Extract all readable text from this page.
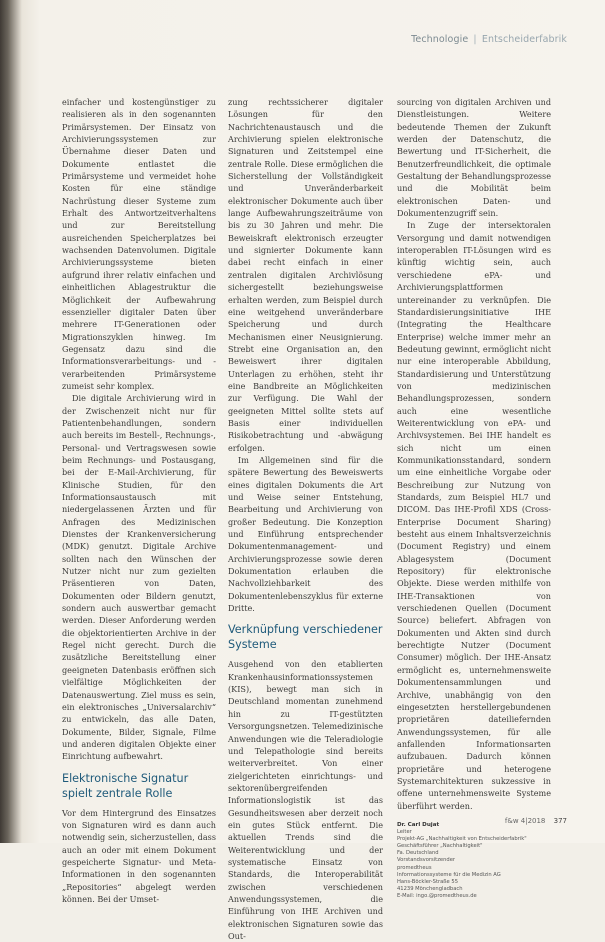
Technologie | Entscheiderfabrik

einfacher und kostengünstiger zu realisieren als in den sogenannten Primärsystemen. Der Einsatz von Archivierungssystemen zur Übernahme dieser Daten und Dokumente entlastet die Primärsysteme und vermeidet hohe Kosten für eine ständige Nachrüstung dieser Systeme zum Erhalt des Antwortzeitverhaltens und zur Bereitstellung ausreichenden Speicherplatzes bei wachsenden Datenvolumen. Digitale Archivierungssysteme bieten aufgrund ihrer relativ einfachen und einheitlichen Ablagestruktur die Möglichkeit der Aufbewahrung essenzieller digitaler Daten über mehrere IT-Generationen oder Migrationszyklen hinweg. Im Gegensatz dazu sind die Informationsverarbeitungs- und -verarbeitenden Primärsysteme zumeist sehr komplex.

Die digitale Archivierung wird in der Zwischenzeit nicht nur für Patientenbehandlungen, sondern auch bereits im Bestell-, Rechnungs-, Personal- und Vertragswesen sowie beim Rechnungs- und Postausgang, bei der E-Mail-Archivierung, für Klinische Studien, für den Informationsaustausch mit niedergelassenen Ärzten und für Anfragen des Medizinischen Dienstes der Krankenversicherung (MDK) genutzt. Digitale Archive sollten nach den Wünschen der Nutzer nicht nur zum gezielten Präsentieren von Daten, Dokumenten oder Bildern genutzt, sondern auch auswertbar gemacht werden. Dieser Anforderung werden die objektorientierten Archive in der Regel nicht gerecht. Durch die zusätzliche Bereitstellung einer geeigneten Datenbasis eröffnen sich vielfältige Möglichkeiten der Datenauswertung. Ziel muss es sein, ein elektronisches „Universalarchiv“ zu entwickeln, das alle Daten, Dokumente, Bilder, Signale, Filme und anderen digitalen Objekte einer Einrichtung aufbewahrt.

Elektronische Signatur spielt zentrale Rolle

Vor dem Hintergrund des Einsatzes von Signaturen wird es dann auch notwendig sein, sicherzustellen, dass auch an oder mit einem Dokument gespeicherte Signatur- und Meta-Informationen in den sogenannten „Repositories“ abgelegt werden können. Bei der Umset-

zung rechtssicherer digitaler Lösungen für den Nachrichtenaustausch und die Archivierung spielen elektronische Signaturen und Zeitstempel eine zentrale Rolle. Diese ermöglichen die Sicherstellung der Vollständigkeit und Unveränderbarkeit elektronischer Dokumente auch über lange Aufbewahrungszeiträume von bis zu 30 Jahren und mehr. Die Beweiskraft elektronisch erzeugter und signierter Dokumente kann dabei recht einfach in einer zentralen digitalen Archivlösung sichergestellt beziehungsweise erhalten werden, zum Beispiel durch eine weitgehend unveränderbare Speicherung und durch Mechanismen einer Neusignierung. Strebt eine Organisation an, den Beweiswert ihrer digitalen Unterlagen zu erhöhen, steht ihr eine Bandbreite an Möglichkeiten zur Verfügung. Die Wahl der geeigneten Mittel sollte stets auf Basis einer individuellen Risikobetrachtung und -abwägung erfolgen.

Im Allgemeinen sind für die spätere Bewertung des Beweiswerts eines digitalen Dokuments die Art und Weise seiner Entstehung, Bearbeitung und Archivierung von großer Bedeutung. Die Konzeption und Einführung entsprechender Dokumentenmanagement- und Archivierungsprozesse sowie deren Dokumentation erlauben die Nachvollziehbarkeit des Dokumentenlebenszyklus für externe Dritte.

Verknüpfung verschiedener Systeme

Ausgehend von den etablierten Krankenhausinformationssystemen (KIS), bewegt man sich in Deutschland momentan zunehmend hin zu IT-gestützten Versorgungsnetzen. Telemedizinische Anwendungen wie die Teleradiologie und Telepathologie sind bereits weiterverbreitet. Von einer zielgerichteten einrichtungs- und sektorenübergreifenden Informationslogistik ist das Gesundheitswesen aber derzeit noch ein gutes Stück entfernt. Die aktuellen Trends sind die Weiterentwicklung und der systematische Einsatz von Standards, die Interoperabilität zwischen verschiedenen Anwendungssystemen, die Einführung von IHE Archiven und elektronischen Signaturen sowie das Out-

sourcing von digitalen Archiven und Dienstleistungen. Weitere bedeutende Themen der Zukunft werden der Datenschutz, die Bewertung und IT-Sicherheit, die Benutzerfreundlichkeit, die optimale Gestaltung der Behandlungsprozesse und die Mobilität beim elektronischen Daten- und Dokumentenzugriff sein.

In Zuge der intersektoralen Versorgung und damit notwendigen interoperablen IT-Lösungen wird es künftig wichtig sein, auch verschiedene ePA- und Archivierungsplattformen untereinander zu verknüpfen. Die Standardisierungsinitiative IHE (Integrating the Healthcare Enterprise) welche immer mehr an Bedeutung gewinnt, ermöglicht nicht nur eine interoperable Abbildung, Standardisierung und Unterstützung von medizinischen Behandlungsprozessen, sondern auch eine wesentliche Weiterentwicklung von ePA- und Archivsystemen. Bei IHE handelt es sich nicht um einen Kommunikationsstandard, sondern um eine einheitliche Vorgabe oder Beschreibung zur Nutzung von Standards, zum Beispiel HL7 und DICOM. Das IHE-Profil XDS (Cross-Enterprise Document Sharing) besteht aus einem Inhaltsverzeichnis (Document Registry) und einem Ablagesystem (Document Repository) für elektronische Objekte. Diese werden mithilfe von IHE-Transaktionen von verschiedenen Quellen (Document Source) beliefert. Abfragen von Dokumenten und Akten sind durch berechtigte Nutzer (Document Consumer) möglich. Der IHE-Ansatz ermöglicht es, unternehmensweite Dokumentensammlungen und Archive, unabhängig von den eingesetzten herstellergebundenen proprietären dateiliefernden Anwendungssystemen, für alle anfallenden Informationsarten aufzubauen. Dadurch können proprietäre und heterogene Systemarchitekturen sukzessive in offene unternehmensweite Systeme überführt werden.

Dr. Carl Dujat
Leiter
Projekt-AG „Nachhaltigkeit von Entscheiderfabrik"
Geschäftsführer „Nachhaltigkeit"
Fa. Deutschland
Vorstandsvorsitzender
promedtheus
Informationssysteme für die Medizin AG
Hans-Böckler-Straße 55
41239 Mönchengladbach
E-Mail: ingo.@promedtheus.de
f&w 4|2018 377
